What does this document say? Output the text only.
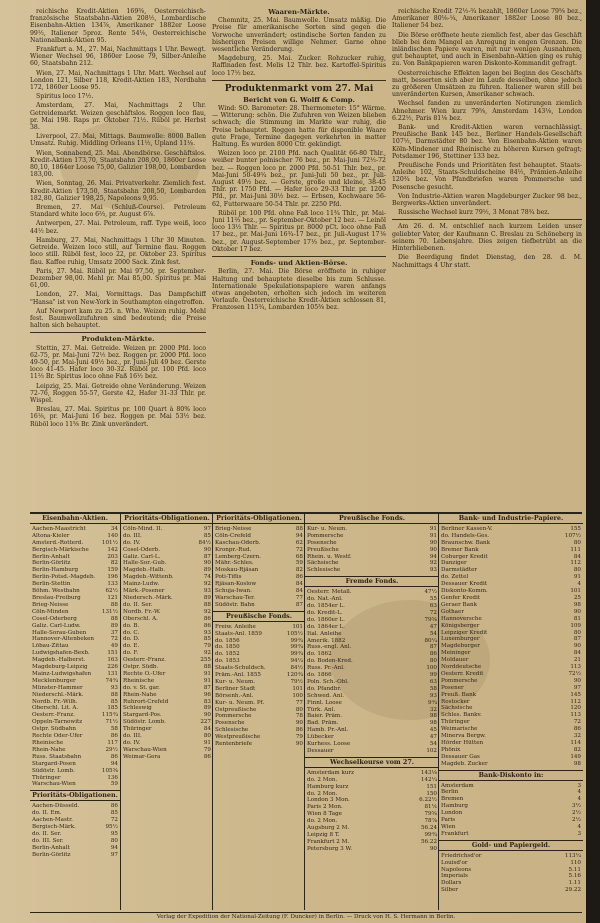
reichische Kredit-Aktien 169⅜, Oesterreichisch-französische Staatsbahn-Aktien 208½, Lombardische Eisenbahn-Aktien 134⅞, Amerikaner 1882er Loose 99½, Italiener 5proz. Rente 54⅛, Oesterreichische Nationalbank-Aktien 95.

Frankfurt a. M., 27. Mai, Nachmittags 1 Uhr. Bewegt. Wiener Wechsel 96, 1860er Loose 79, Silber-Anleihe 60, Staatsbahn 212.

Wien, 27. Mai, Nachmittags 1 Uhr. Matt. Wechsel auf London 121, Silber 118, Kredit-Aktien 183, Nordbahn 172, 1860er Loose 95.

Spiritus loco 17½.

Amsterdam, 27. Mai, Nachmittags 2 Uhr. Getreidemarkt. Weizen geschäftslos. Roggen loco flau, pr. Mai 198. Raps pr. Oktober 71½. Rüböl pr. Herbst 38.

Liverpool, 27. Mai, Mittags. Baumwolle: 8000 Ballen Umsatz. Ruhig. Middling Orleans 11½, Upland 11⅛.

Wien, Sonnabend, 25. Mai. Abendbörse. Geschäftslos. Kredit-Aktien 173,70, Staatsbahn 208,00, 1860er Loose 80,10, 1864er Loose 75,00, Galizier 198,00, Lombarden 183,00.

Wien, Sonntag, 26. Mai. Privatverkehr. Ziemlich fest. Kredit-Aktien 173,50, Staatsbahn 208,50, Lombarden 182,80, Galizier 198,25, Napoleons 9,95.

Bremen, 27. Mai (Schluß-Course). Petroleum Standard white loco 6⅔, pr. August 6⅞.

Antwerpen, 27. Mai. Petroleum, raff. Type weiß, loco 44½ bez.

Hamburg, 27. Mai, Nachmittags 1 Uhr 30 Minuten. Getreide. Weizen loco still, auf Termine flau. Roggen loco still. Rüböl fest, loco 22, pr. Oktober 23. Spiritus flau. Kaffee ruhig, Umsatz 2000 Sack. Zink fest.

Paris, 27. Mai. Rüböl pr. Mai 97,50, pr. September-Dezember 98,00. Mehl pr. Mai 85,00. Spiritus pr. Mai 61,00.

London, 27. Mai, Vormittags. Das Dampfschiff "Hansa" ist von New-York in Southampton eingetroffen.

Auf Newport kam zu 25. n. Whe. Weizen ruhig. Mehl fest. Baumwollzufuhren sind bedeutend; die Preise halten sich behauptet.

Produkten-Märkte.

Stettin, 27. Mai. Getreide. Weizen pr. 2000 Pfd. loco 62-75, pr. Mai-Juni 72½ bez. Roggen pr. 2000 Pfd. loco 49-50, pr. Mai-Juni 49½ bez., pr. Juni-Juli 49 bez. Gerste loco 41-45. Hafer loco 30-32. Rüböl pr. 100 Pfd. loco 11⅔ Br. Spiritus loco ohne Faß 16½ bez.

Leipzig, 25. Mai. Getreide ohne Veränderung. Weizen 72-76, Roggen 55-57, Gerste 42, Hafer 31-33 Thlr. pr. Wispel.

Breslau, 27. Mai. Spiritus pr. 100 Quart à 80% loco 16⅛, pr. Mai-Juni 16 bez. Roggen pr. Mai 53½ bez. Rüböl loco 11⅝ Br. Zink unverändert.

Waaren-Märkte.

Chemnitz, 25. Mai. Baumwolle. Umsatz mäßig. Die Preise für amerikanische Sorten sind gegen die Vorwoche unverändert; ostindische Sorten fanden zu bisherigen Preisen willige Nehmer. Garne ohne wesentliche Veränderung.

Magdeburg, 25. Mai. Zucker. Rohzucker ruhig, Raffinaden fest. Melis 12 Thlr. bez. Kartoffel-Spiritus loco 17½ bez.

Produktenmarkt vom 27. Mai
Bericht von G. Wolff & Comp.

Wind: SO. Barometer: 28. Thermometer: 15° Wärme. — Witterung: schön. Die Zufuhren von Weizen blieben schwach; die Stimmung im Markte war ruhig, die Preise behauptet. Roggen hatte für disponible Waare gute Frage, Termine dagegen verkehrten in matter Haltung. Es wurden 8000 Ctr. gekündigt.

Weizen loco pr. 2100 Pfd. nach Qualität 66-80 Thlr., weißer bunter polnischer 76 bez., pr. Mai-Juni 72½-72 bez. — Roggen loco pr. 2000 Pfd. 50-51 Thlr. bez., pr. Mai-Juni 50-49¾ bez., pr. Juni-Juli 50 bez., pr. Juli-August 49½ bez. — Gerste, große und kleine, 38-45 Thlr. pr. 1750 Pfd. — Hafer loco 29-33 Thlr. pr. 1200 Pfd., pr. Mai-Juni 30½ bez. — Erbsen, Kochwaare 56-62, Futterwaare 50-54 Thlr. pr. 2250 Pfd.

Rüböl pr. 100 Pfd. ohne Faß loco 11¾ Thlr., pr. Mai-Juni 11⅔ bez., pr. September-Oktober 12 bez. — Leinöl loco 13½ Thlr. — Spiritus pr. 8000 pCt. loco ohne Faß 17 bez., pr. Mai-Juni 16¾-17 bez., pr. Juli-August 17⅙ bez., pr. August-September 17⅓ bez., pr. September-Oktober 17 bez.

Fonds- und Aktien-Börse.

Berlin, 27. Mai. Die Börse eröffnete in ruhiger Haltung und behauptete dieselbe bis zum Schlusse. Internationale Spekulationspapiere waren anfangs etwas angeboten, erholten sich jedoch im weiteren Verlaufe. Oesterreichische Kredit-Aktien schlossen 81, Franzosen 115¾, Lombarden 105⅜ bez.

reichische Kredit 72½-¾ bezahlt, 1860er Loose 79⅝ bez., Amerikaner 80⅛-¼, Amerikaner 1882er Loose 80 bez., Italiener 54 bez.

Die Börse eröffnete heute ziemlich fest, aber das Geschäft blieb bei dem Mangel an Anregung in engen Grenzen. Die inländischen Papiere waren, mit nur wenigen Ausnahmen, gut behauptet, und auch in Eisenbahn-Aktien ging es ruhig zu. Von Bankpapieren waren Diskonto-Kommandit gefragt.

Oesterreichische Effekten lagen bei Beginn des Geschäfts matt, besserten sich aber im Laufe desselben, ohne jedoch zu größeren Umsätzen zu führen. Italiener waren still bei unveränderten Kursen, Amerikaner schwach.

Wechsel fanden zu unveränderten Notirungen ziemlich Abnehmer. Wien kurz 79⅝, Amsterdam 143⅛, London 6.22½, Paris 81⅙ bez.

Bank- und Kredit-Aktien waren vernachlässigt. Preußische Bank 145 bez., Berliner Handels-Gesellschaft 107½, Darmstädter 80 bez. Von Eisenbahn-Aktien waren Köln-Mindener und Rheinische zu höheren Kursen gefragt; Potsdamer 196, Stettiner 133 bez.

Preußische Fonds und Prioritäten fest behauptet. Staats-Anleihe 102, Staats-Schuldscheine 84½, Prämien-Anleihe 120¾ bez. Von Pfandbriefen waren Pommersche und Posensche gesucht.

Von Industrie-Aktien waren Magdeburger Zucker 98 bez., Bergwerks-Aktien unverändert.

Russische Wechsel kurz 79½, 3 Monat 78¾ bez.

Am 26. d. M. entschlief nach kurzem Leiden unser geliebter Vater, der Kaufmann C. Breslau zu Schöneberg in seinem 70. Lebensjahre. Dies zeigen tiefbetrübt an die Hinterbliebenen.

Die Beerdigung findet Dienstag, den 28. d. M. Nachmittags 4 Uhr statt.

Eisenbahn-Aktien.
Aachen-Maastricht	34
Altona-Kieler	140
Amsterd.-Rotterd.	101½
Bergisch-Märkische	142
Berlin-Anhalt	203
Berlin-Görlitz	82
Berlin-Hamburg	159
Berlin-Potsd.-Magdeb.	196
Berlin-Stettin	133
Böhm. Westbahn	62½
Breslau-Freiburg	121
Brieg-Neisse	88
Cöln-Minden	131½
Cosel-Oderberg	88
Galiz. Carl-Ludw.	89
Halle-Sorau-Guben	37
Hannover-Altenbeken	72
Löbau-Zittau	49
Ludwigshafen-Bexb.	151
Magdeb.-Halberst.	163
Magdeburg-Leipzig	226
Mainz-Ludwigshafen	131
Mecklenburger	74¾
Münster-Hammer	93
Niederschl.-Märk.	88
Nordb. Fr.-Wilh.	85
Oberschl. Lit. A.	185
Oesterr.-Franz.	115¾
Oppeln-Tarnowitz	71½
Ostpr. Südbahn	58
Rechte Oder-Ufer	86
Rheinische	117
Rhein-Nahe	29½
Russ. Staatsbahn	86
Stargard-Posen	94
Südöstr. Lomb.	105⅜
Thüringer	136
Warschau-Wien	59
Prioritäts-Obligationen.
Aachen-Düsseld.	86
do. II. Em.	85
Aachen-Mastr.	72
Bergisch-Märk.	95½
do. II. Ser.	95
do. III. Ser.	80
Berlin-Anhalt	94
Berlin-Görlitz	97
Prioritäts-Obligationen.
Cöln-Mind. II.	97
do. III.	85
do. IV.	84½
Cosel-Oderb.	90
Galiz. Carl-L.	87
Halle-Sor.-Gub.	90
Magdeb.-Halb.	89
Magdeb.-Wittenb.	74
Mainz-Ludw.	92
Märk.-Posener	93
Niedersch.-Märk.	89
do. II. Ser.	88
Nordb. Fr.-W.	92
Oberschl. A.	86
do. B.	86
do. C.	93
do. D.	85
do. E.	79
do. F.	92
Oesterr.-Franz.	255
Ostpr. Südb.	88
Rechte O.-Ufer	91
Rheinische	91
do. v. St. gar.	87
Rhein-Nahe	96
Ruhrort-Crefeld	83
Schleswig	89
Stargard-Pos.	90
Südöstr. Lomb.	227
Thüringer	84
do. III.	80
do. IV.	91
Warschau-Wien	79
Weimar-Gera	86
Prioritäts-Obligationen.
Brieg-Neisse	88
Cöln-Crefeld	94
Kaschau-Oderb.	62
Kronpr.-Rud.	72
Lemberg-Czern.	68
Mähr.-Schles.	59
Moskau-Rjäsan	82
Poti-Tiflis	86
Rjäsan-Koslow	84
Schuja-Iwan.	84
Warschau-Ter.	77
Südöstr. Bahn	87
Preußische Fonds.
Freiw. Anleihe	101
Staats-Anl. 1859	105½
do. 1856	99¾
do. 1850	99¾
do. 1852	99¾
do. 1853	94¼
Staats-Schuldsch.	84½
Präm.-Anl. 1855	120¾
Kur- u. Neum.	79½
Berliner Stadt	101
Börsenh.-Anl.	100
Kur- u. Neum. Pf.	77
Ostpreußische	80
Pommersche	78
Posensche	90
Schlesische	86
Westpreußische	79
Rentenbriefe	90
Preußische Fonds.
Kur- u. Neum.	91
Pommersche	91
Posensche	90
Preußische	90
Rhein. u. Westf.	94
Sächsische	92
Schlesische	93
Fremde Fonds.
Oesterr. Metall.	47½
do. Nat.-Anl.	55
do. 1854er L.	63
do. Kredit-L.	72
do. 1860er L.	79⅝
do. 1864er L.	47
Ital. Anleihe	54
Amerik. 1882	80¼
Russ.-engl. Anl.	87
do. 1862	86
do. Boden-Kred.	80
Russ. Pr.-Anl.	100
do. 1866	99
Poln. Sch.-Obl.	63
do. Pfandbr.	58
Schwed. Anl.	93
Finnl. Loose	9¾
Türk. Anl.	32
Baier. Präm.	98
Bad. Präm.	98
Hamb. Pr.-Anl.	45
Lübecker	47
Kurhess. Loose	54
Dessauer	102
Wechselkourse vom 27.
Amsterdam kurz	143⅛
do. 2 Mon.	142¼
Hamburg kurz	151
do. 2 Mon.	150
London 3 Mon.	6.22½
Paris 2 Mon.	81⅙
Wien 8 Tage	79⅝
do. 2 Mon.	78⅞
Augsburg 2 M.	56.24
Leipzig 8 T.	99¾
Frankfurt 2 M.	56.22
Petersburg 3 W.	90
Bank- und Industrie-Papiere.
Berliner Kassen-V.	155
do. Handels-Ges.	107½
Braunschw. Bank	80
Bremer Bank	111
Coburger Kredit	84
Danziger	112
Darmstädter	80
do. Zettel	91
Dessauer Kredit	4
Diskonto-Komm.	101
Genfer Kredit	25
Geraer Bank	98
Gothaer	90
Hannoversche	81
Königsberger	109
Leipziger Kredit	80
Luxemburger	87
Magdeburger	90
Meininger	84
Moldauer	21
Norddeutsche	113
Oesterr. Kredit	72½
Pommersche	90
Posener	97
Preuß. Bank	145
Rostocker	112
Sächsische	120
Schles. Bankv.	113
Thüringer	72
Weimarische	86
Minerva Bergw.	32
Hörder Hütten	114
Phönix	82
Dessauer Gas	149
Magdeb. Zucker	98
Bank-Diskonto in:
Amsterdam	3
Berlin	4
Bremen	4
Hamburg	3½
London	2½
Paris	2½
Wien	4
Frankfurt	3
Gold- und Papiergeld.
Friedrichsd'or	113¼
Louisd'or	110
Napoleons	5.11
Imperials	5.16
Dollars	1.11
Silber	29.22
Verlag der Expedition der National-Zeitung (F. Duncker) in Berlin. — Druck von H. S. Hermann in Berlin.
